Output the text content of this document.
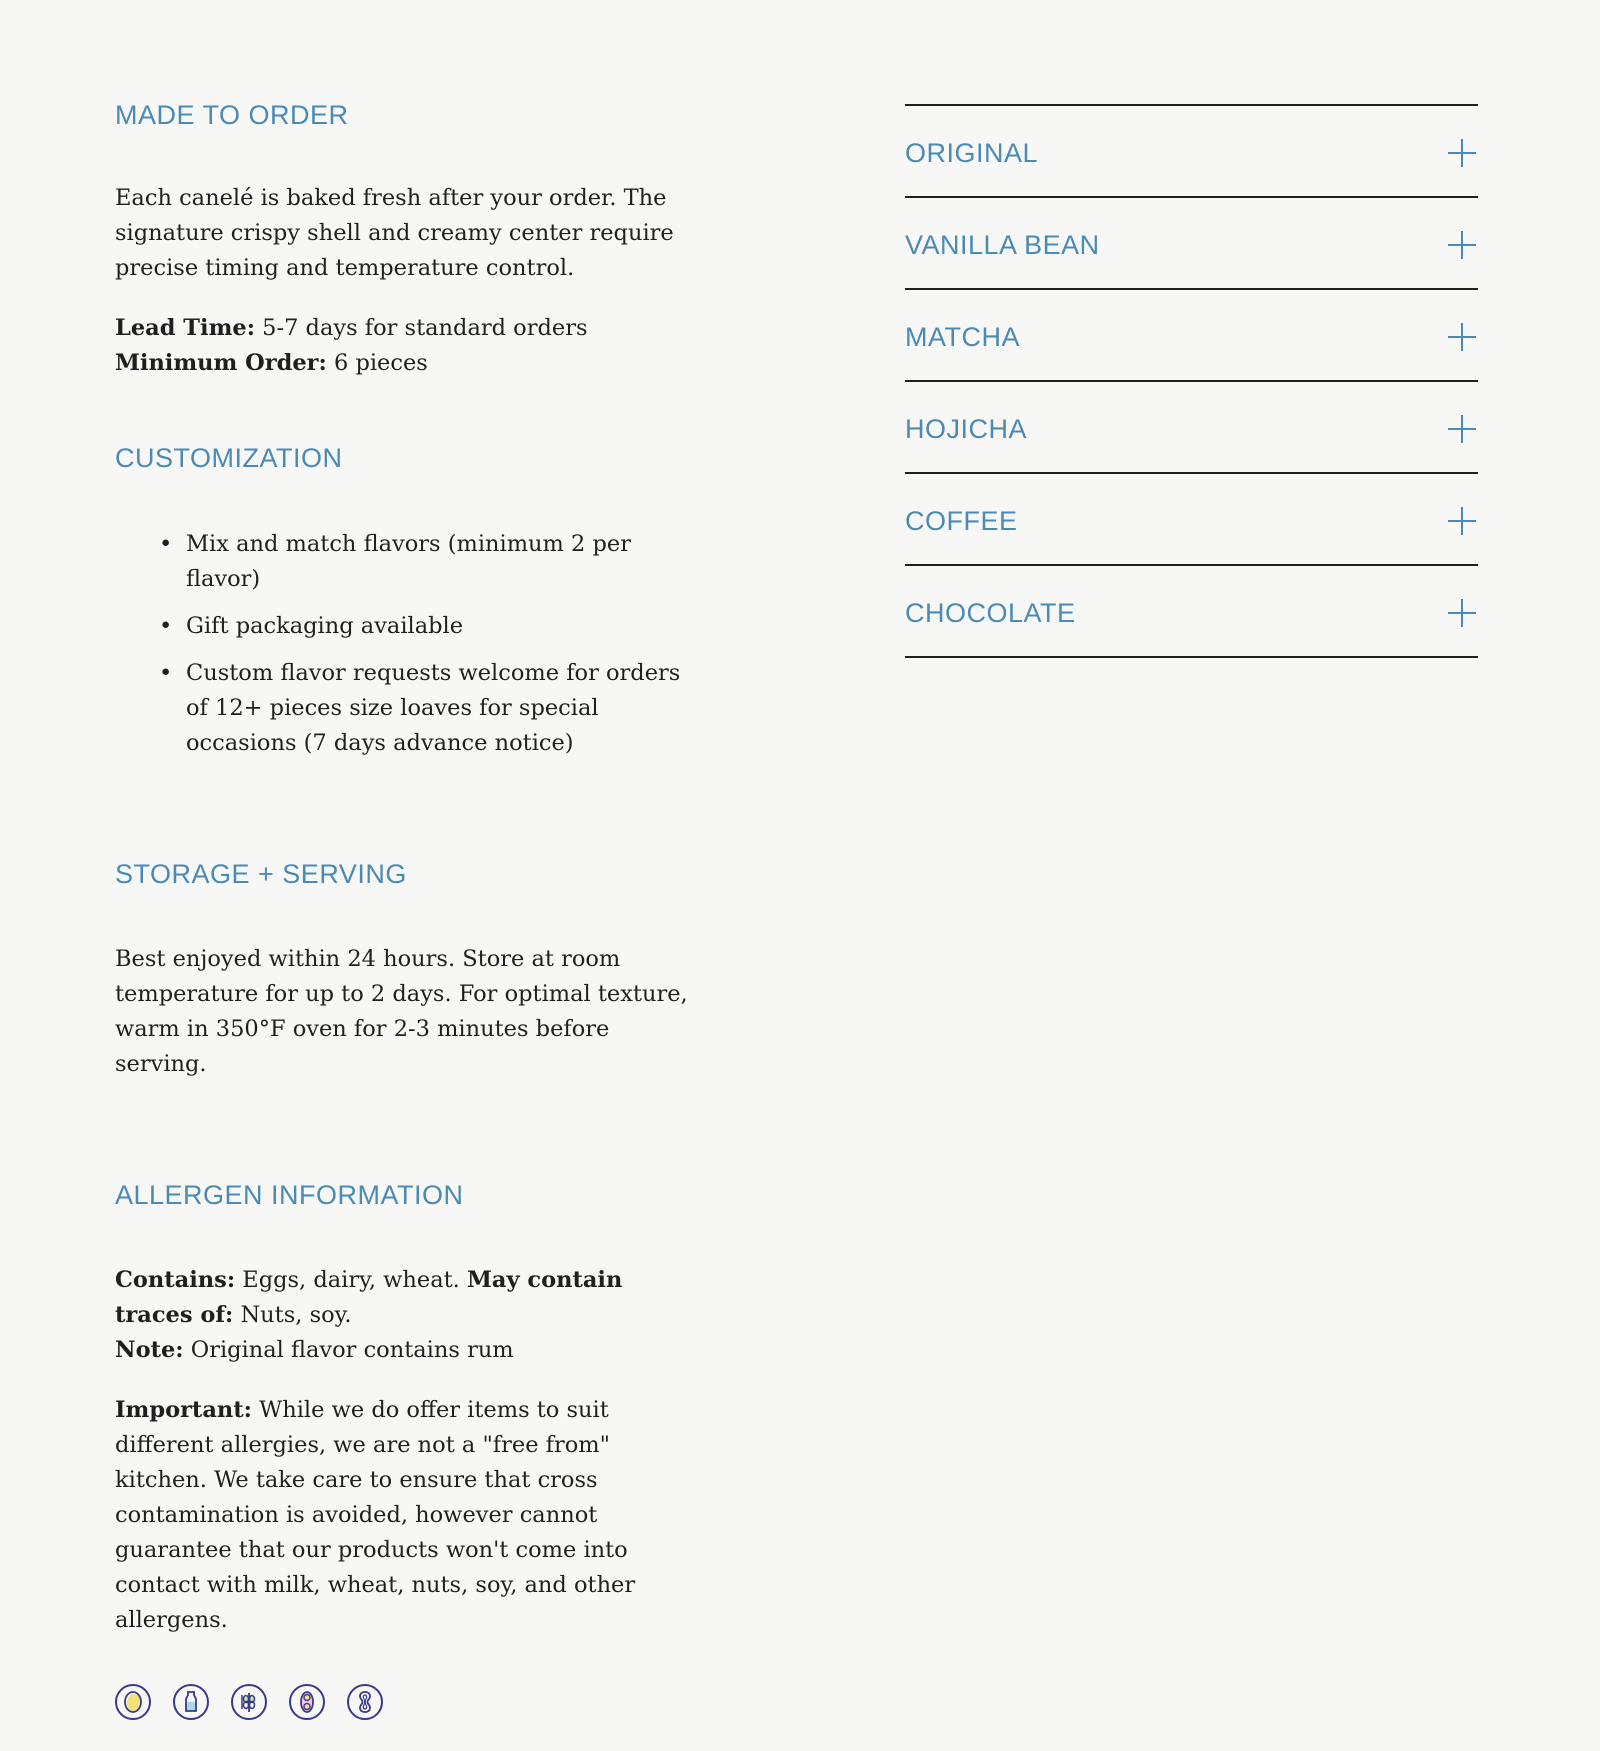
MADE TO ORDER

Each canelé is baked fresh after your order. The signature crispy shell and creamy center require precise timing and temperature control.

Lead Time: 5-7 days for standard orders
Minimum Order: 6 pieces

CUSTOMIZATION
• Mix and match flavors (minimum 2 per flavor)
• Gift packaging available
• Custom flavor requests welcome for orders of 12+ pieces size loaves for special occasions (7 days advance notice)
STORAGE + SERVING

Best enjoyed within 24 hours. Store at room temperature for up to 2 days. For optimal texture, warm in 350°F oven for 2-3 minutes before serving.

ALLERGEN INFORMATION

Contains: Eggs, dairy, wheat. May contain traces of: Nuts, soy.
Note: Original flavor contains rum

Important: While we do offer items to suit different allergies, we are not a "free from" kitchen. We take care to ensure that cross contamination is avoided, however cannot guarantee that our products won't come into contact with milk, wheat, nuts, soy, and other allergens.

ORIGINAL
VANILLA BEAN
MATCHA
HOJICHA
COFFEE
CHOCOLATE
